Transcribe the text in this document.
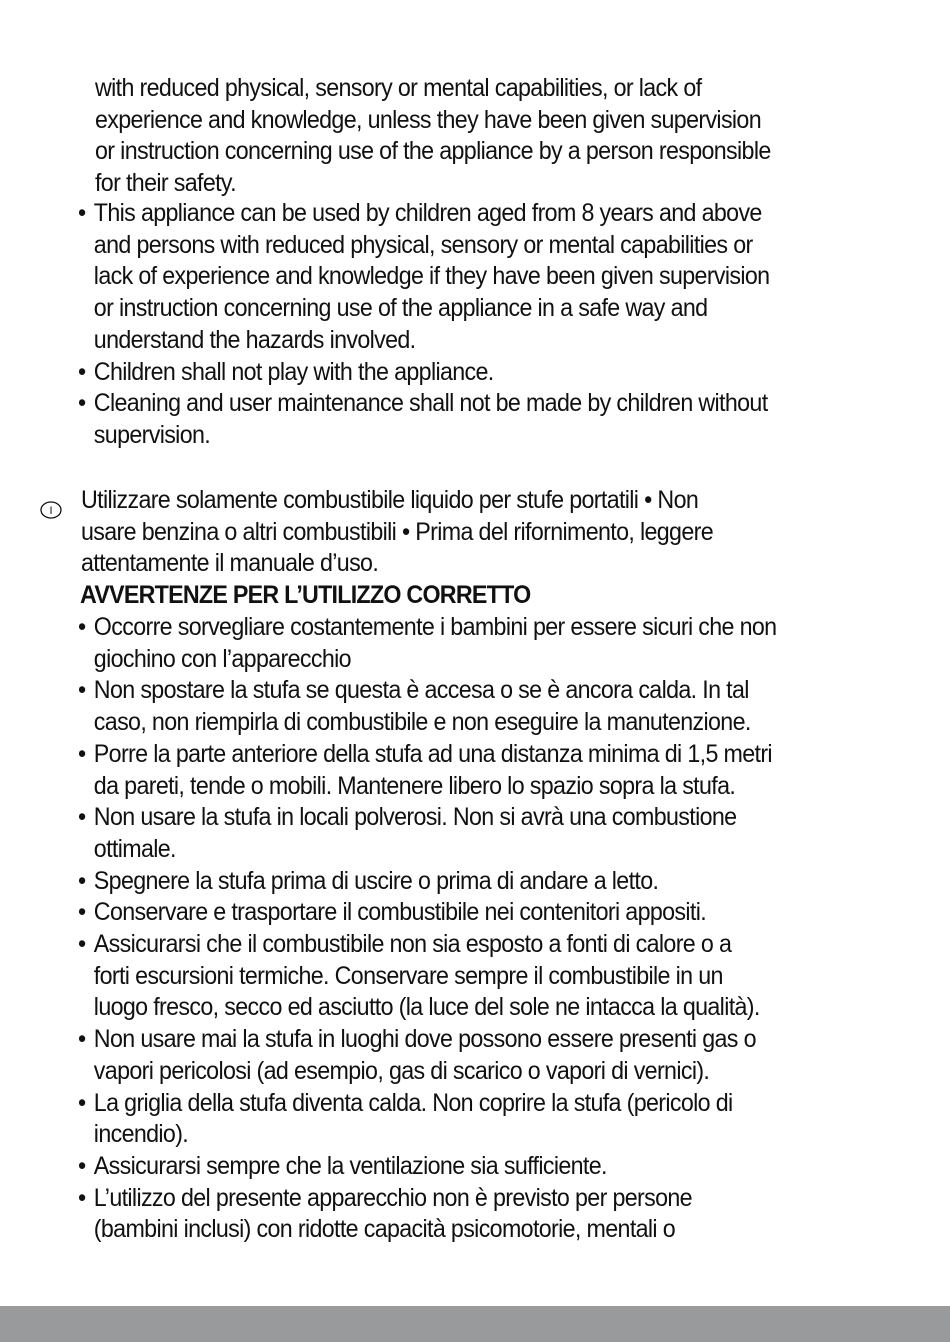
with reduced physical, sensory or mental capabilities, or lack of
experience and knowledge, unless they have been given supervision
or instruction concerning use of the appliance by a person responsible
for their safety.
• This appliance can be used by children aged from 8 years and above
and persons with reduced physical, sensory or mental capabilities or
lack of experience and knowledge if they have been given supervision
or instruction concerning use of the appliance in a safe way and
understand the hazards involved.
• Children shall not play with the appliance.
• Cleaning and user maintenance shall not be made by children without
supervision.
I Utilizzare solamente combustibile liquido per stufe portatili • Non
usare benzina o altri combustibili • Prima del rifornimento, leggere
attentamente il manuale d’uso.
AVVERTENZE PER L’UTILIZZO CORRETTO
• Occorre sorvegliare costantemente i bambini per essere sicuri che non
giochino con l’apparecchio
• Non spostare la stufa se questa è accesa o se è ancora calda. In tal
caso, non riempirla di combustibile e non eseguire la manutenzione.
• Porre la parte anteriore della stufa ad una distanza minima di 1,5 metri
da pareti, tende o mobili. Mantenere libero lo spazio sopra la stufa.
• Non usare la stufa in locali polverosi. Non si avrà una combustione
ottimale.
• Spegnere la stufa prima di uscire o prima di andare a letto.
• Conservare e trasportare il combustibile nei contenitori appositi.
• Assicurarsi che il combustibile non sia esposto a fonti di calore o a
forti escursioni termiche. Conservare sempre il combustibile in un
luogo fresco, secco ed asciutto (la luce del sole ne intacca la qualità).
• Non usare mai la stufa in luoghi dove possono essere presenti gas o
vapori pericolosi (ad esempio, gas di scarico o vapori di vernici).
• La griglia della stufa diventa calda. Non coprire la stufa (pericolo di
incendio).
• Assicurarsi sempre che la ventilazione sia sufficiente.
• L’utilizzo del presente apparecchio non è previsto per persone
(bambini inclusi) con ridotte capacità psicomotorie, mentali o
